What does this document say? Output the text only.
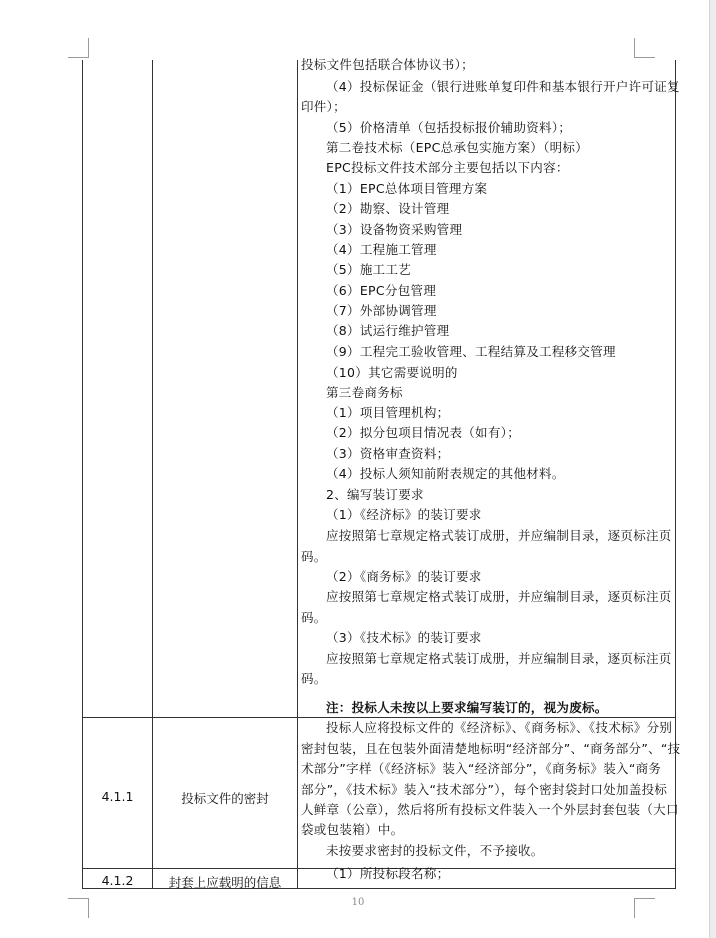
投标文件包括联合体协议书）；
（4）投标保证金（银行进账单复印件和基本银行开户许可证复
印件）；
（5）价格清单（包括投标报价辅助资料）；
第二卷技术标（EPC总承包实施方案）（明标）
EPC投标文件技术部分主要包括以下内容：
（1）EPC总体项目管理方案
（2）勘察、设计管理
（3）设备物资采购管理
（4）工程施工管理
（5）施工工艺
（6）EPC分包管理
（7）外部协调管理
（8）试运行维护管理
（9）工程完工验收管理、工程结算及工程移交管理
（10）其它需要说明的
第三卷商务标
（1）项目管理机构；
（2）拟分包项目情况表（如有）；
（3）资格审查资料；
（4）投标人须知前附表规定的其他材料。
2、编写装订要求
（1）《经济标》的装订要求
应按照第七章规定格式装订成册，并应编制目录，逐页标注页
码。
（2）《商务标》的装订要求
应按照第七章规定格式装订成册，并应编制目录，逐页标注页
码。
（3）《技术标》的装订要求
应按照第七章规定格式装订成册，并应编制目录，逐页标注页
码。
注：投标人未按以上要求编写装订的，视为废标。
4.1.1	投标文件的密封
投标人应将投标文件的《经济标》、《商务标》、《技术标》分别
密封包装，且在包装外面清楚地标明“经济部分”、“商务部分”、“技
术部分”字样（《经济标》装入“经济部分”，《商务标》装入“商务
部分”，《技术标》装入“技术部分”），每个密封袋封口处加盖投标
人鲜章（公章），然后将所有投标文件装入一个外层封套包装（大口
袋或包装箱）中。
未按要求密封的投标文件，不予接收。
4.1.2	封套上应载明的信息
（1）所投标段名称；
10
